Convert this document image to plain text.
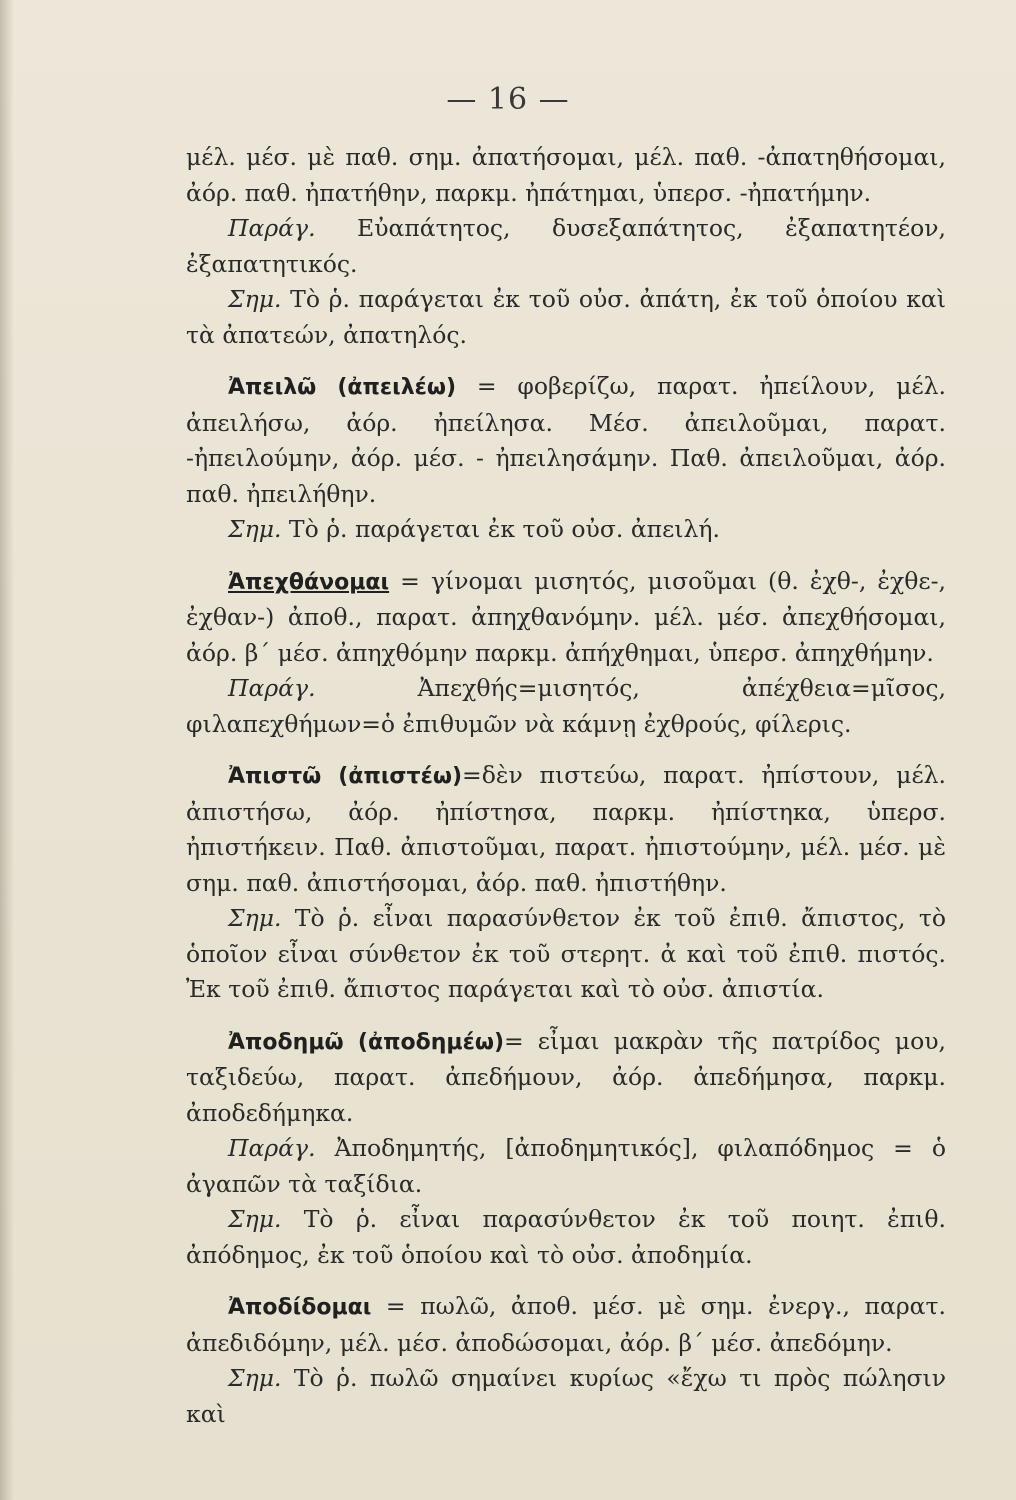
— 16 —

μέλ. μέσ. μὲ παθ. σημ. ἀπατήσομαι, μέλ. παθ. -ἀπατηθήσομαι, ἀόρ. παθ. ἠπατήθην, παρκμ. ἠπάτημαι, ὑπερσ. -ἠπατήμην.

Παράγ. Εὐαπάτητος, δυσεξαπάτητος, ἐξαπατητέον, ἐξαπατητικός.

Σημ. Τὸ ῥ. παράγεται ἐκ τοῦ οὐσ. ἀπάτη, ἐκ τοῦ ὁποίου καὶ τὰ ἀπατεών, ἀπατηλός.

Ἀπειλῶ (ἀπειλέω) = φοβερίζω, παρατ. ἠπείλουν, μέλ. ἀπειλήσω, ἀόρ. ἠπείλησα. Μέσ. ἀπειλοῦμαι, παρατ. -ἠπειλούμην, ἀόρ. μέσ. - ἠπειλησάμην. Παθ. ἀπειλοῦμαι, ἀόρ. παθ. ἠπειλήθην.

Σημ. Τὸ ῥ. παράγεται ἐκ τοῦ οὐσ. ἀπειλή.

Ἀπεχθάνομαι = γίνομαι μισητός, μισοῦμαι (θ. ἐχθ-, ἐχθε-, ἐχθαν-) ἀποθ., παρατ. ἀπηχθανόμην. μέλ. μέσ. ἀπεχθήσομαι, ἀόρ. β΄ μέσ. ἀπηχθόμην παρκμ. ἀπήχθημαι, ὑπερσ. ἀπηχθήμην.

Παράγ. Ἀπεχθής=μισητός, ἀπέχθεια=μῖσος, φιλαπεχθήμων=ὁ ἐπιθυμῶν νὰ κάμνῃ ἐχθρούς, φίλερις.

Ἀπιστῶ (ἀπιστέω)=δὲν πιστεύω, παρατ. ἠπίστουν, μέλ. ἀπιστήσω, ἀόρ. ἠπίστησα, παρκμ. ἠπίστηκα, ὑπερσ. ἠπιστήκειν. Παθ. ἀπιστοῦμαι, παρατ. ἠπιστούμην, μέλ. μέσ. μὲ σημ. παθ. ἀπιστήσομαι, ἀόρ. παθ. ἠπιστήθην.

Σημ. Τὸ ῥ. εἶναι παρασύνθετον ἐκ τοῦ ἐπιθ. ἄπιστος, τὸ ὁποῖον εἶναι σύνθετον ἐκ τοῦ στερητ. ἀ καὶ τοῦ ἐπιθ. πιστός. Ἐκ τοῦ ἐπιθ. ἄπιστος παράγεται καὶ τὸ οὐσ. ἀπιστία.

Ἀποδημῶ (ἀποδημέω)= εἶμαι μακρὰν τῆς πατρίδος μου, ταξιδεύω, παρατ. ἀπεδήμουν, ἀόρ. ἀπεδήμησα, παρκμ. ἀποδεδήμηκα.

Παράγ. Ἀποδημητής, [ἀποδημητικός], φιλαπόδημος = ὁ ἀγαπῶν τὰ ταξίδια.

Σημ. Τὸ ῥ. εἶναι παρασύνθετον ἐκ τοῦ ποιητ. ἐπιθ. ἀπόδημος, ἐκ τοῦ ὁποίου καὶ τὸ οὐσ. ἀποδημία.

Ἀποδίδομαι = πωλῶ, ἀποθ. μέσ. μὲ σημ. ἐνεργ., παρατ. ἀπεδιδόμην, μέλ. μέσ. ἀποδώσομαι, ἀόρ. β΄ μέσ. ἀπεδόμην.

Σημ. Τὸ ῥ. πωλῶ σημαίνει κυρίως «ἔχω τι πρὸς πώλησιν καὶ
